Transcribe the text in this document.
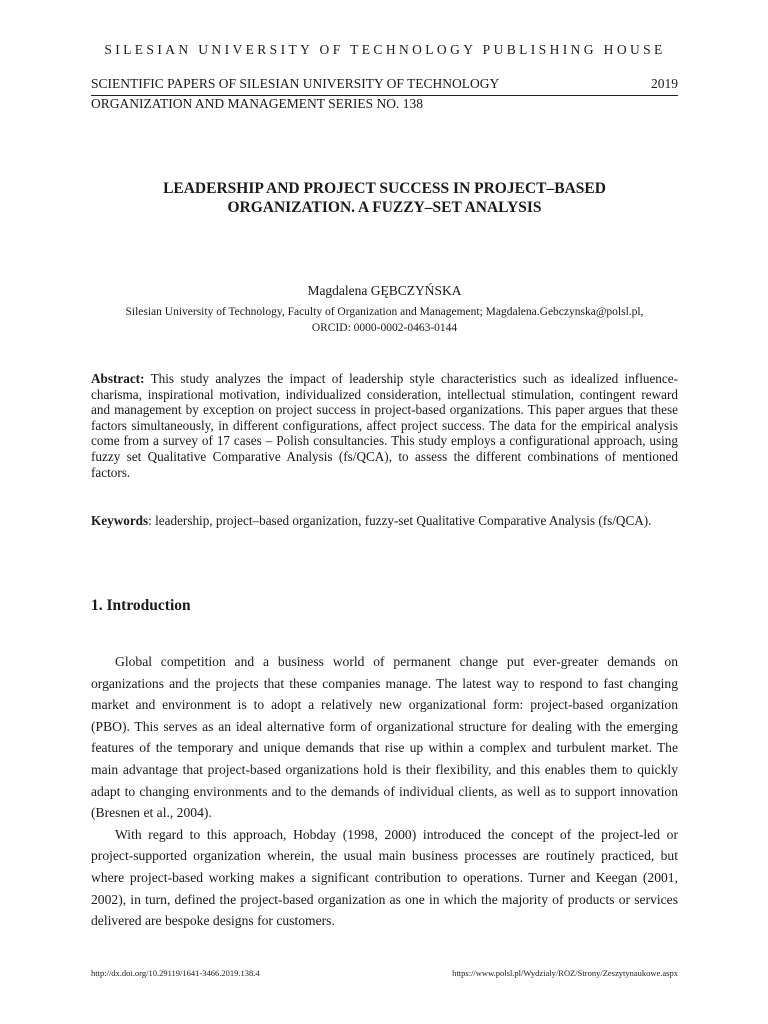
SILESIAN UNIVERSITY OF TECHNOLOGY PUBLISHING HOUSE
SCIENTIFIC PAPERS OF SILESIAN UNIVERSITY OF TECHNOLOGY	2019
ORGANIZATION AND MANAGEMENT SERIES NO. 138
LEADERSHIP AND PROJECT SUCCESS IN PROJECT–BASED
ORGANIZATION. A FUZZY–SET ANALYSIS
Magdalena GĘBCZYŃSKA
Silesian University of Technology, Faculty of Organization and Management; Magdalena.Gebczynska@polsl.pl,
ORCID: 0000-0002-0463-0144
Abstract: This study analyzes the impact of leadership style characteristics such as idealized influence-charisma, inspirational motivation, individualized consideration, intellectual stimulation, contingent reward and management by exception on project success in project-based organizations. This paper argues that these factors simultaneously, in different configurations, affect project success. The data for the empirical analysis come from a survey of 17 cases – Polish consultancies. This study employs a configurational approach, using fuzzy set Qualitative Comparative Analysis (fs/QCA), to assess the different combinations of mentioned factors.
Keywords: leadership, project–based organization, fuzzy-set Qualitative Comparative Analysis (fs/QCA).
1. Introduction

Global competition and a business world of permanent change put ever-greater demands on organizations and the projects that these companies manage. The latest way to respond to fast changing market and environment is to adopt a relatively new organizational form: project-based organization (PBO). This serves as an ideal alternative form of organizational structure for dealing with the emerging features of the temporary and unique demands that rise up within a complex and turbulent market. The main advantage that project-based organizations hold is their flexibility, and this enables them to quickly adapt to changing environments and to the demands of individual clients, as well as to support innovation (Bresnen et al., 2004).

With regard to this approach, Hobday (1998, 2000) introduced the concept of the project-led or project-supported organization wherein, the usual main business processes are routinely practiced, but where project-based working makes a significant contribution to operations. Turner and Keegan (2001, 2002), in turn, defined the project-based organization as one in which the majority of products or services delivered are bespoke designs for customers.

http://dx.doi.org/10.29119/1641-3466.2019.138.4	https://www.polsl.pl/Wydzialy/ROZ/Strony/Zeszytynaukowe.aspx
